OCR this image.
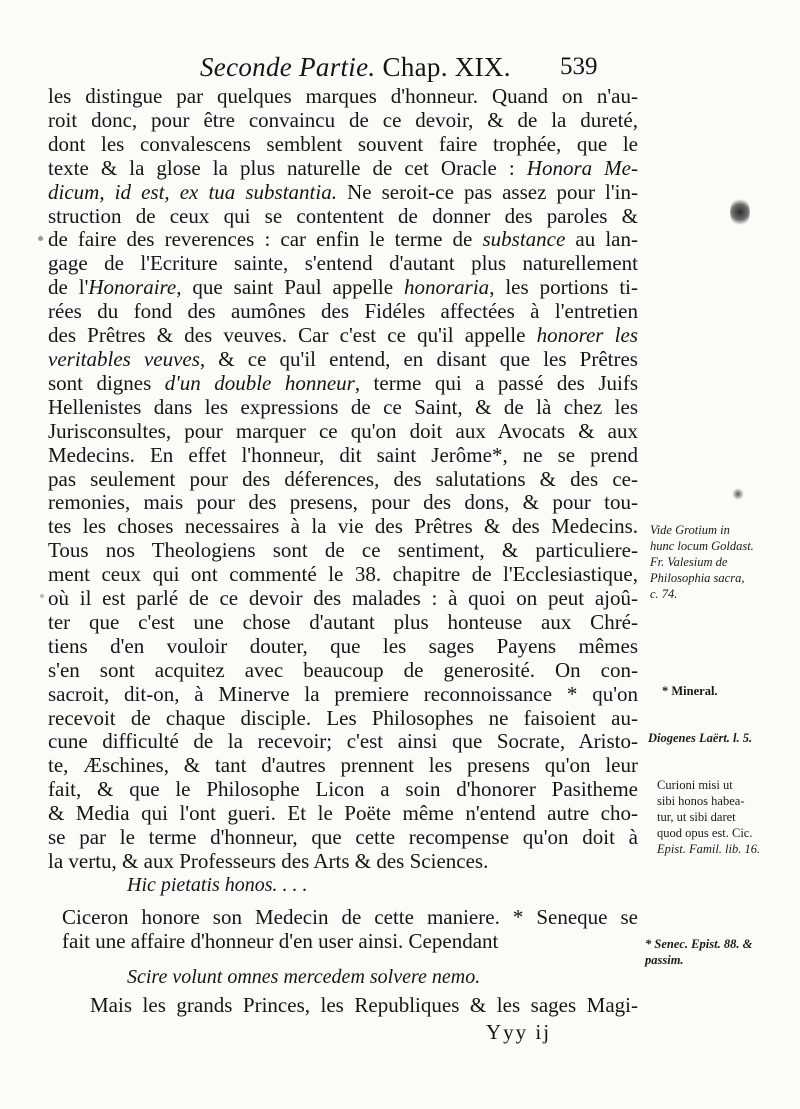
Seconde Partie. Chap. XIX. 539
les distingue par quelques marques d'honneur. Quand on n'au-
roit donc, pour être convaincu de ce devoir, & de la dureté,
dont les convalescens semblent souvent faire trophée, que le
texte & la glose la plus naturelle de cet Oracle : Honora Me-
dicum, id est, ex tua substantia. Ne seroit-ce pas assez pour l'in-
struction de ceux qui se contentent de donner des paroles &
de faire des reverences : car enfin le terme de substance au lan-
gage de l'Ecriture sainte, s'entend d'autant plus naturellement
de l'Honoraire, que saint Paul appelle honoraria, les portions ti-
rées du fond des aumônes des Fidéles affectées à l'entretien
des Prêtres & des veuves. Car c'est ce qu'il appelle honorer les
veritables veuves, & ce qu'il entend, en disant que les Prêtres
sont dignes d'un double honneur, terme qui a passé des Juifs
Hellenistes dans les expressions de ce Saint, & de là chez les
Jurisconsultes, pour marquer ce qu'on doit aux Avocats & aux
Medecins. En effet l'honneur, dit saint Jerôme*, ne se prend
pas seulement pour des déferences, des salutations & des ce-
remonies, mais pour des presens, pour des dons, & pour tou-
tes les choses necessaires à la vie des Prêtres & des Medecins.
Tous nos Theologiens sont de ce sentiment, & particuliere-
ment ceux qui ont commenté le 38. chapitre de l'Ecclesiastique,
où il est parlé de ce devoir des malades : à quoi on peut ajoû-
ter que c'est une chose d'autant plus honteuse aux Chré-
tiens d'en vouloir douter, que les sages Payens mêmes
s'en sont acquitez avec beaucoup de generosité. On con-
sacroit, dit-on, à Minerve la premiere reconnoissance * qu'on
recevoit de chaque disciple. Les Philosophes ne faisoient au-
cune difficulté de la recevoir; c'est ainsi que Socrate, Aristo-
te, Æschines, & tant d'autres prennent les presens qu'on leur
fait, & que le Philosophe Licon a soin d'honorer Pasitheme
& Media qui l'ont gueri. Et le Poëte même n'entend autre cho-
se par le terme d'honneur, que cette recompense qu'on doit à
la vertu, & aux Professeurs des Arts & des Sciences.
Hic pietatis honos. . . .
Ciceron honore son Medecin de cette maniere. * Seneque se
fait une affaire d'honneur d'en user ainsi. Cependant
Scire volunt omnes mercedem solvere nemo.
Mais les grands Princes, les Republiques & les sages Magi-
Yyy ij
Vide Grotium in
hunc locum Goldast.
Fr. Valesium de
Philosophia sacra,
c. 74.
* Mineral.
Diogenes Laërt. l. 5.
Curioni misi ut
sibi honos habea-
tur, ut sibi daret
quod opus est. Cic.
Epist. Famil. lib. 16.
* Senec. Epist. 88. &
passim.
